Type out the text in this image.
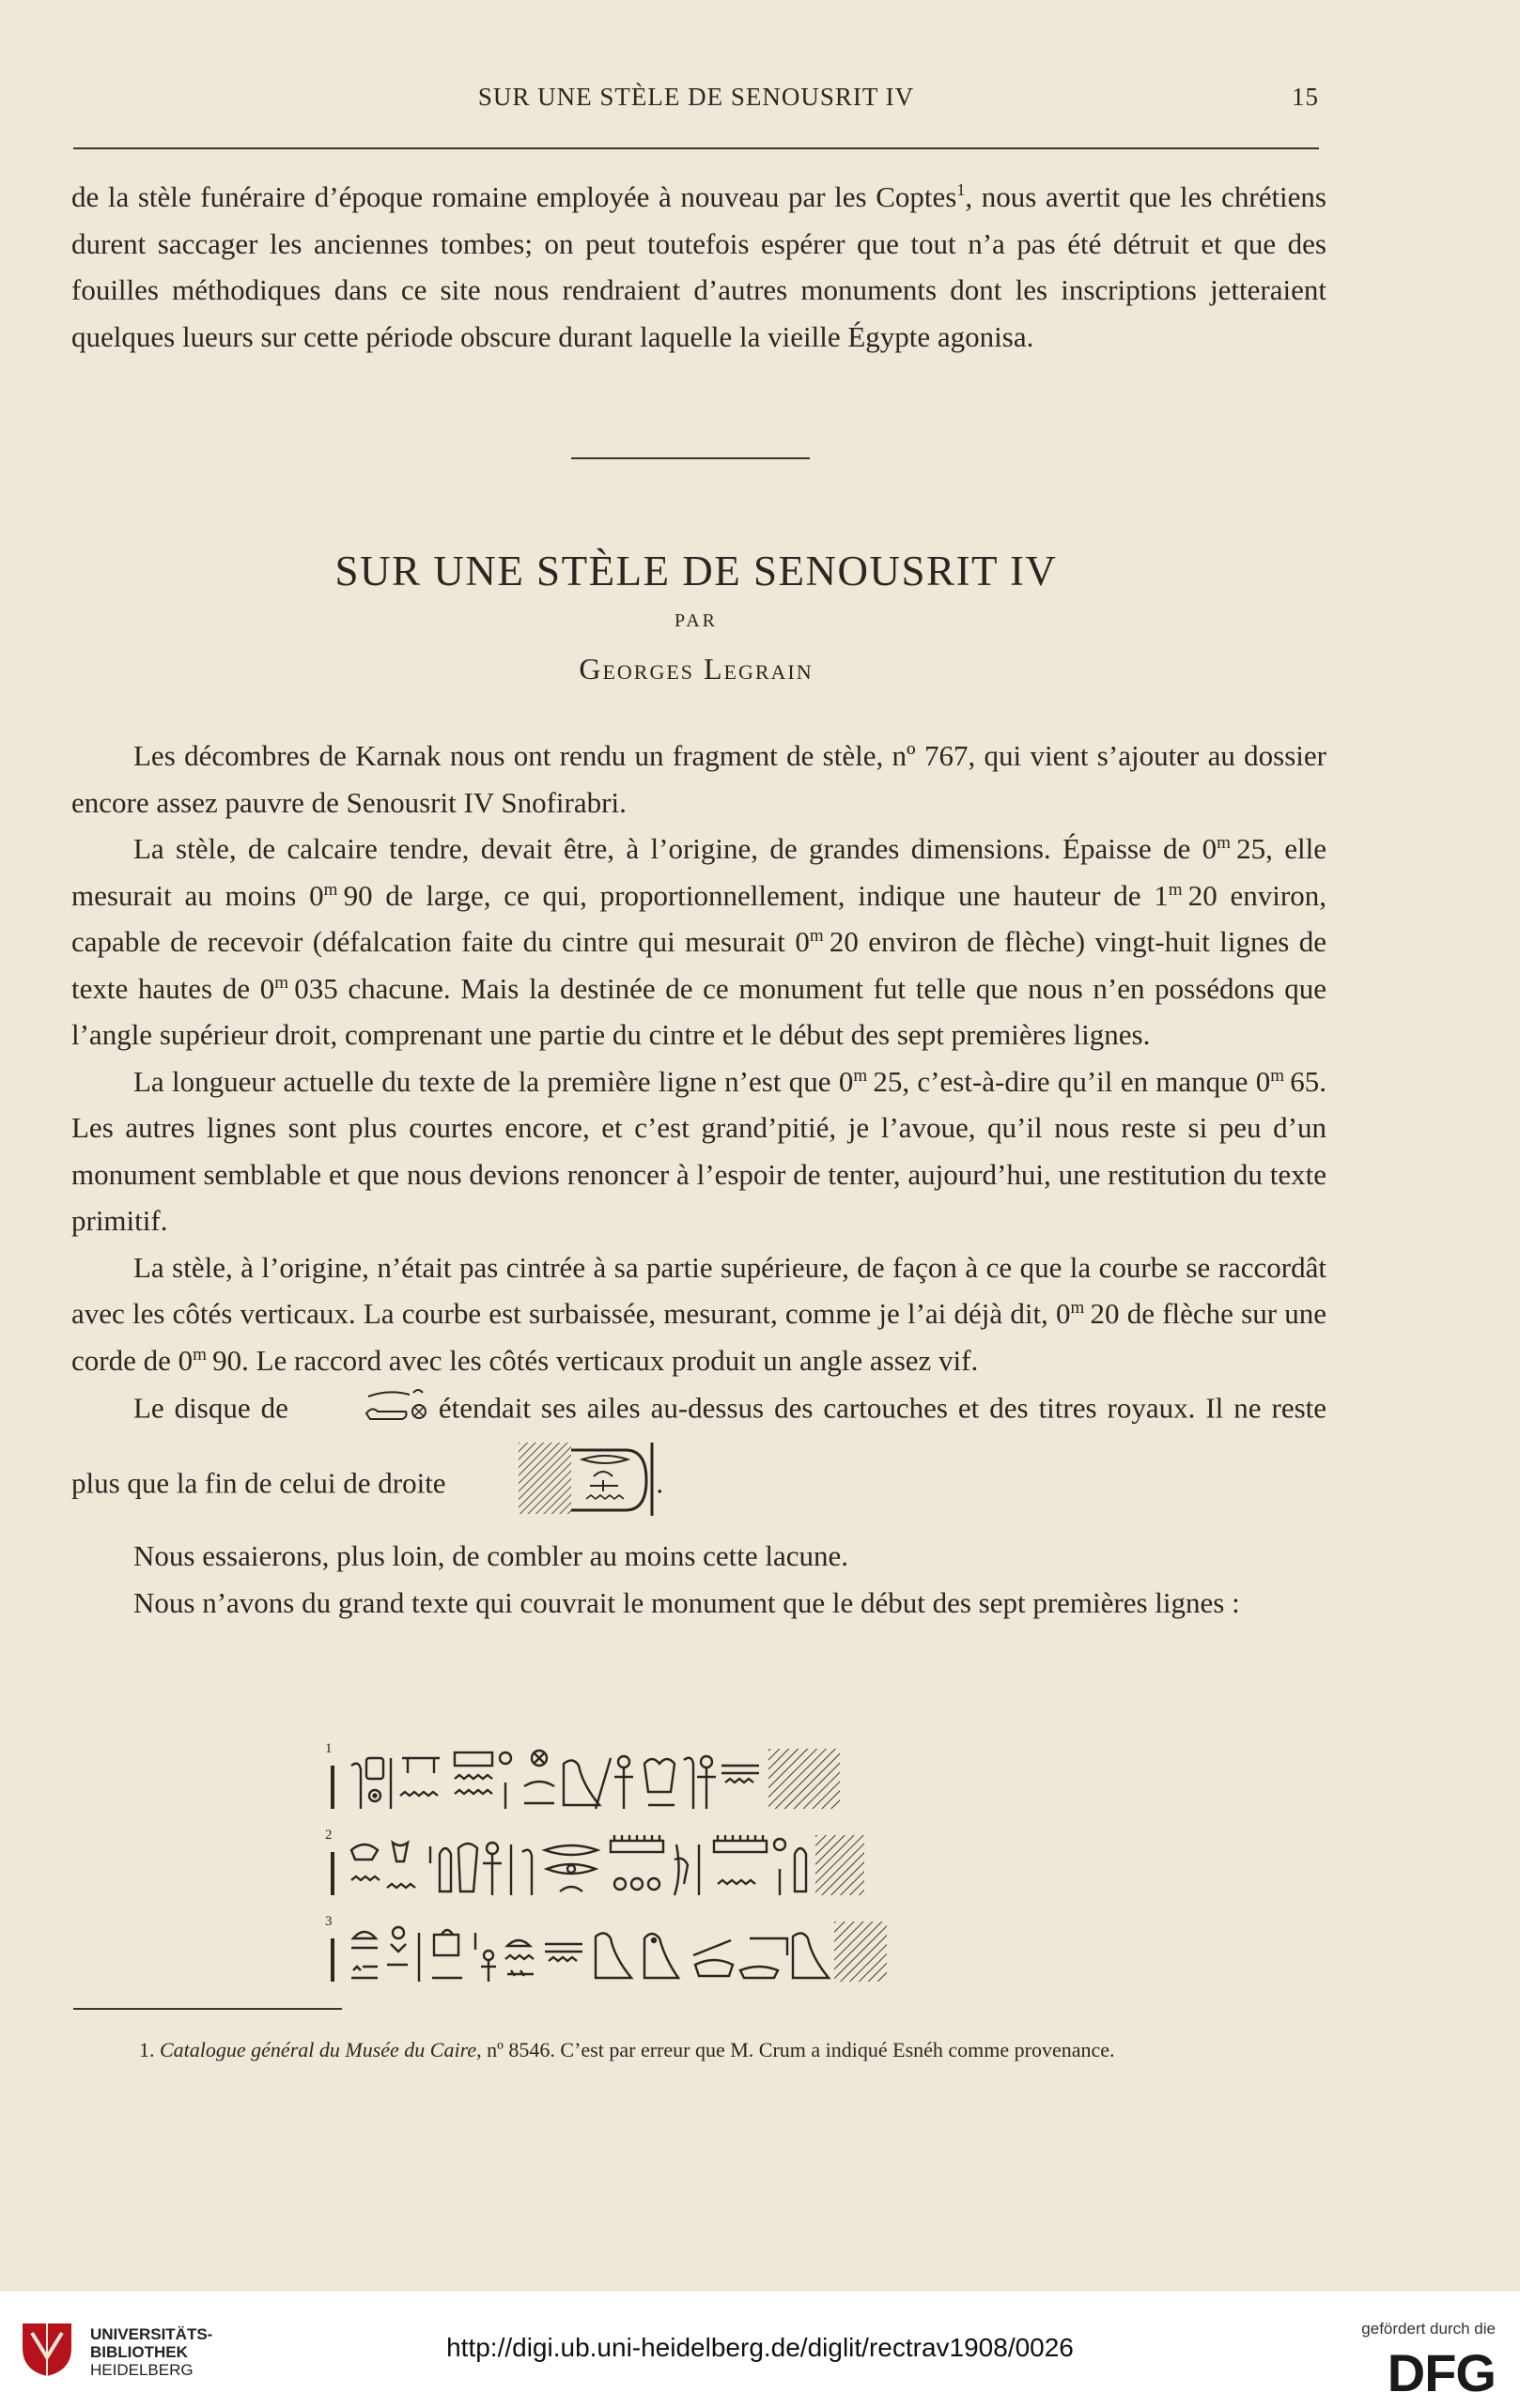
SUR UNE STÈLE DE SENOUSRIT IV	15

de la stèle funéraire d’époque romaine employée à nouveau par les Coptes$^1$, nous avertit que les chrétiens durent saccager les anciennes tombes; on peut toutefois espérer que tout n’a pas été détruit et que des fouilles méthodiques dans ce site nous rendraient d’autres monuments dont les inscriptions jetteraient quelques lueurs sur cette période obscure durant laquelle la vieille Égypte agonisa.

SUR UNE STÈLE DE SENOUSRIT IV
PAR
Georges Legrain

Les décombres de Karnak nous ont rendu un fragment de stèle, nº 767, qui vient s’ajouter au dossier encore assez pauvre de Senousrit IV Snofirabri.

La stèle, de calcaire tendre, devait être, à l’origine, de grandes dimensions. Épaisse de 0$^m$  25, elle mesurait au moins 0$^m$  90 de large, ce qui, proportionnellement, indique une hauteur de 1$^m$  20 environ, capable de recevoir (défalcation faite du cintre qui mesurait 0$^m$  20 environ de flèche) vingt-huit lignes de texte hautes de 0$^m$  035 chacune. Mais la destinée de ce monument fut telle que nous n’en possédons que l’angle supérieur droit, comprenant une partie du cintre et le début des sept premières lignes.

La longueur actuelle du texte de la première ligne n’est que 0$^m$  25, c’est-à-dire qu’il en manque 0$^m$  65. Les autres lignes sont plus courtes encore, et c’est grand’pitié, je l’avoue, qu’il nous reste si peu d’un monument semblable et que nous devions renoncer à l’espoir de tenter, aujourd’hui, une restitution du texte primitif.

La stèle, à l’origine, n’était pas cintrée à sa partie supérieure, de façon à ce que la courbe se raccordât avec les côtés verticaux. La courbe est surbaissée, mesurant, comme je l’ai déjà dit, 0$^m$  20 de flèche sur une corde de 0$^m$  90. Le raccord avec les côtés verticaux produit un angle assez vif.

Le disque de	étendait ses ailes au-dessus des cartouches et des titres royaux. Il ne reste plus que la fin de celui de droite	.

Nous essaierons, plus loin, de combler au moins cette lacune.

Nous n’avons du grand texte qui couvrait le monument que le début des sept premières lignes :

1
2
3
1. Catalogue général du Musée du Caire, nº 8546. C’est par erreur que M. Crum a indiqué Esnéh comme provenance.
UNIVERSITÄTS-
BIBLIOTHEK
HEIDELBERG
http://digi.ub.uni-heidelberg.de/diglit/rectrav1908/0026
gefördert durch die
DFG
